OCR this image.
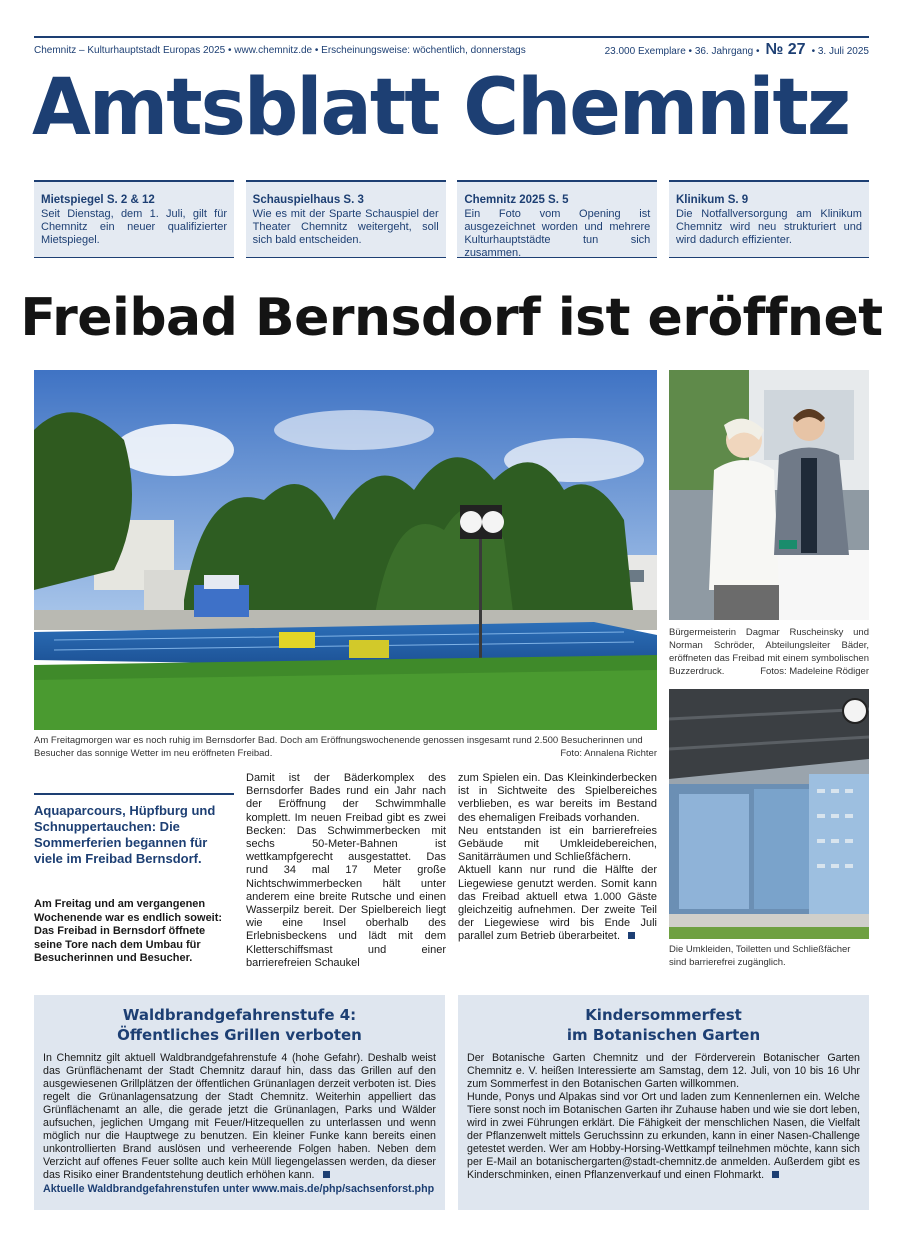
Chemnitz – Kulturhauptstadt Europas 2025 • www.chemnitz.de • Erscheinungsweise: wöchentlich, donnerstags	23.000 Exemplare • 36. Jahrgang • № 27 • 3. Juli 2025
Amtsblatt Chemnitz
Mietspiegel S. 2 & 12

Seit Dienstag, dem 1. Juli, gilt für Chemnitz ein neuer qualifizierter Mietspiegel.

Schauspielhaus S. 3

Wie es mit der Sparte Schauspiel der Theater Chemnitz weitergeht, soll sich bald entscheiden.

Chemnitz 2025 S. 5

Ein Foto vom Opening ist ausgezeichnet worden und mehrere Kulturhauptstädte tun sich zusammen.

Klinikum S. 9

Die Notfallversorgung am Klinikum Chemnitz wird neu strukturiert und wird dadurch effizienter.

Freibad Bernsdorf ist eröffnet
Am Freitagmorgen war es noch ruhig im Bernsdorfer Bad. Doch am Eröffnungswochenende genossen insgesamt rund 2.500 Besucherinnen und Besucher das sonnige Wetter im neu eröffneten Freibad.	Foto: Annalena Richter
Bürgermeisterin Dagmar Ruscheinsky und Norman Schröder, Abteilungsleiter Bäder, eröffneten das Freibad mit einem symbolischen Buzzerdruck.	Fotos: Madeleine Rödiger
Die Umkleiden, Toiletten und Schließfächer sind barrierefrei zugänglich.
Aquaparcours, Hüpfburg und Schnuppertauchen: Die Sommerferien begannen für viele im Freibad Bernsdorf.
Am Freitag und am vergangenen Wochenende war es endlich soweit: Das Freibad in Bernsdorf öffnete seine Tore nach dem Umbau für Besucherinnen und Besucher.
Damit ist der Bäderkomplex des Bernsdorfer Bades rund ein Jahr nach der Eröffnung der Schwimmhalle komplett. Im neuen Freibad gibt es zwei Becken: Das Schwimmerbecken mit sechs 50-Meter-Bahnen ist wettkampfgerecht ausgestattet. Das rund 34 mal 17 Meter große Nichtschwimmerbecken hält unter anderem eine breite Rutsche und einen Wasserpilz bereit. Der Spielbereich liegt wie eine Insel oberhalb des Erlebnisbeckens und lädt mit dem Kletterschiffsmast und einer barrierefreien Schaukel
zum Spielen ein. Das Kleinkinderbecken ist in Sichtweite des Spielbereiches verblieben, es war bereits im Bestand des ehemaligen Freibads vorhanden.
Neu entstanden ist ein barrierefreies Gebäude mit Umkleidebereichen, Sanitärräumen und Schließfächern.
Aktuell kann nur rund die Hälfte der Liegewiese genutzt werden. Somit kann das Freibad aktuell etwa 1.000 Gäste gleichzeitig aufnehmen. Der zweite Teil der Liegewiese wird bis Ende Juli parallel zum Betrieb überarbeitet.
Waldbrandgefahrenstufe 4:
Öffentliches Grillen verboten

In Chemnitz gilt aktuell Waldbrandgefahrenstufe 4 (hohe Gefahr). Deshalb weist das Grünflächenamt der Stadt Chemnitz darauf hin, dass das Grillen auf den ausgewiesenen Grillplätzen der öffentlichen Grünanlagen derzeit verboten ist. Dies regelt die Grünanlagensatzung der Stadt Chemnitz. Weiterhin appelliert das Grünflächenamt an alle, die gerade jetzt die Grünanlagen, Parks und Wälder aufsuchen, jeglichen Umgang mit Feuer/Hitzequellen zu unterlassen und wenn möglich nur die Hauptwege zu benutzen. Ein kleiner Funke kann bereits einen unkontrollierten Brand auslösen und verheerende Folgen haben. Neben dem Verzicht auf offenes Feuer sollte auch kein Müll liegengelassen werden, da dieser das Risiko einer Brandentstehung deutlich erhöhen kann.

Aktuelle Waldbrandgefahrenstufen unter www.mais.de/php/sachsenforst.php
Kindersommerfest
im Botanischen Garten

Der Botanische Garten Chemnitz und der Förderverein Botanischer Garten Chemnitz e. V. heißen Interessierte am Samstag, dem 12. Juli, von 10 bis 16 Uhr zum Sommerfest in den Botanischen Garten willkommen.
Hunde, Ponys und Alpakas sind vor Ort und laden zum Kennenlernen ein. Welche Tiere sonst noch im Botanischen Garten ihr Zuhause haben und wie sie dort leben, wird in zwei Führungen erklärt. Die Fähigkeit der menschlichen Nasen, die Vielfalt der Pflanzenwelt mittels Geruchssinn zu erkunden, kann in einer Nasen-Challenge getestet werden. Wer am Hobby-Horsing-Wettkampf teilnehmen möchte, kann sich per E-Mail an botanischergarten@stadt-chemnitz.de anmelden. Außerdem gibt es Kinderschminken, einen Pflanzenverkauf und einen Flohmarkt.
